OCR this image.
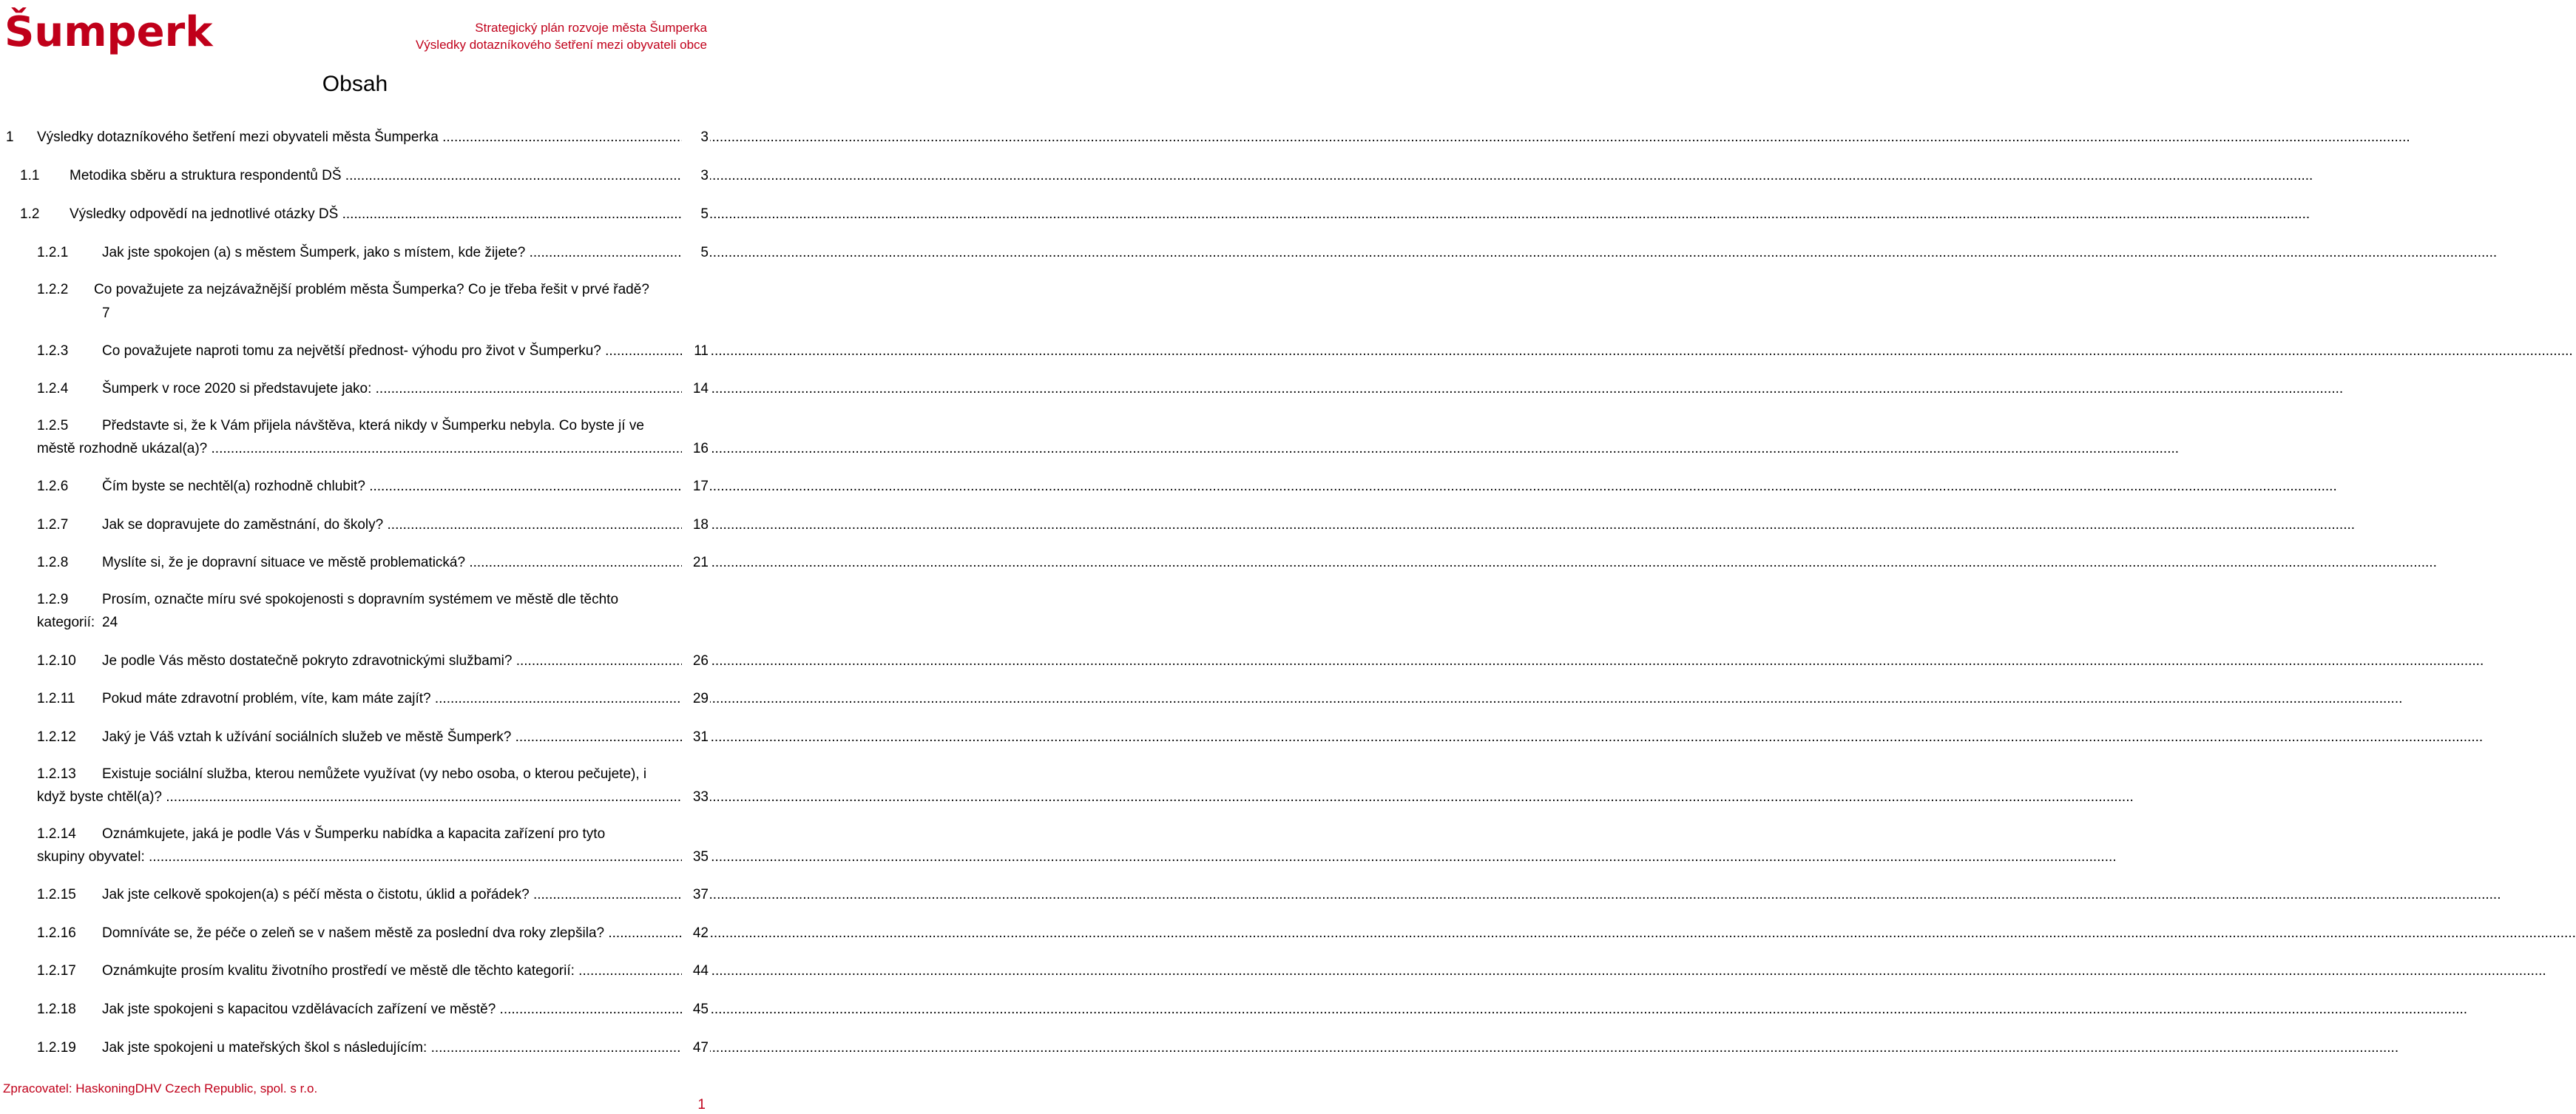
Šumperk	Strategický plán rozvoje města Šumperka
Výsledky dotazníkového šetření mezi obyvateli obce
Obsah
1 Výsledky dotazníkového šetření mezi obyvateli města Šumperka .....	3
1.1 Metodika sběru a struktura respondentů DŠ .....	3
1.2 Výsledky odpovědí na jednotlivé otázky DŠ .....	5
1.2.1 Jak jste spokojen (a) s městem Šumperk, jako s místem, kde žijete? .....	5
1.2.2 Co považujete za nejzávažnější problém města Šumperka? Co je třeba řešit v prvé řadě?
7
1.2.3 Co považujete naproti tomu za největší přednost- výhodu pro život v Šumperku? .....	11
1.2.4 Šumperk v roce 2020 si představujete jako: .....	14
1.2.5 Představte si, že k Vám přijela návštěva, která nikdy v Šumperku nebyla. Co byste jí ve
městě rozhodně ukázal(a)? .....	16
1.2.6 Čím byste se nechtěl(a) rozhodně chlubit? .....	17
1.2.7 Jak se dopravujete do zaměstnání, do školy? .....	18
1.2.8 Myslíte si, že je dopravní situace ve městě problematická? .....	21
1.2.9 Prosím, označte míru své spokojenosti s dopravním systémem ve městě dle těchto
kategorií: 24
1.2.10 Je podle Vás město dostatečně pokryto zdravotnickými službami? .....	26
1.2.11 Pokud máte zdravotní problém, víte, kam máte zajít? .....	29
1.2.12 Jaký je Váš vztah k užívání sociálních služeb ve městě Šumperk? .....	31
1.2.13 Existuje sociální služba, kterou nemůžete využívat (vy nebo osoba, o kterou pečujete), i
když byste chtěl(a)? .....	33
1.2.14 Oznámkujete, jaká je podle Vás v Šumperku nabídka a kapacita zařízení pro tyto
skupiny obyvatel: .....	35
1.2.15 Jak jste celkově spokojen(a) s péčí města o čistotu, úklid a pořádek? .....	37
1.2.16 Domníváte se, že péče o zeleň se v našem městě za poslední dva roky zlepšila? .....	42
1.2.17 Oznámkujte prosím kvalitu životního prostředí ve městě dle těchto kategorií: .....	44
1.2.18 Jak jste spokojeni s kapacitou vzdělávacích zařízení ve městě? .....	45
1.2.19 Jak jste spokojeni u mateřských škol s následujícím: .....	47
Zpracovatel: HaskoningDHV Czech Republic, spol. s r.o.
1
